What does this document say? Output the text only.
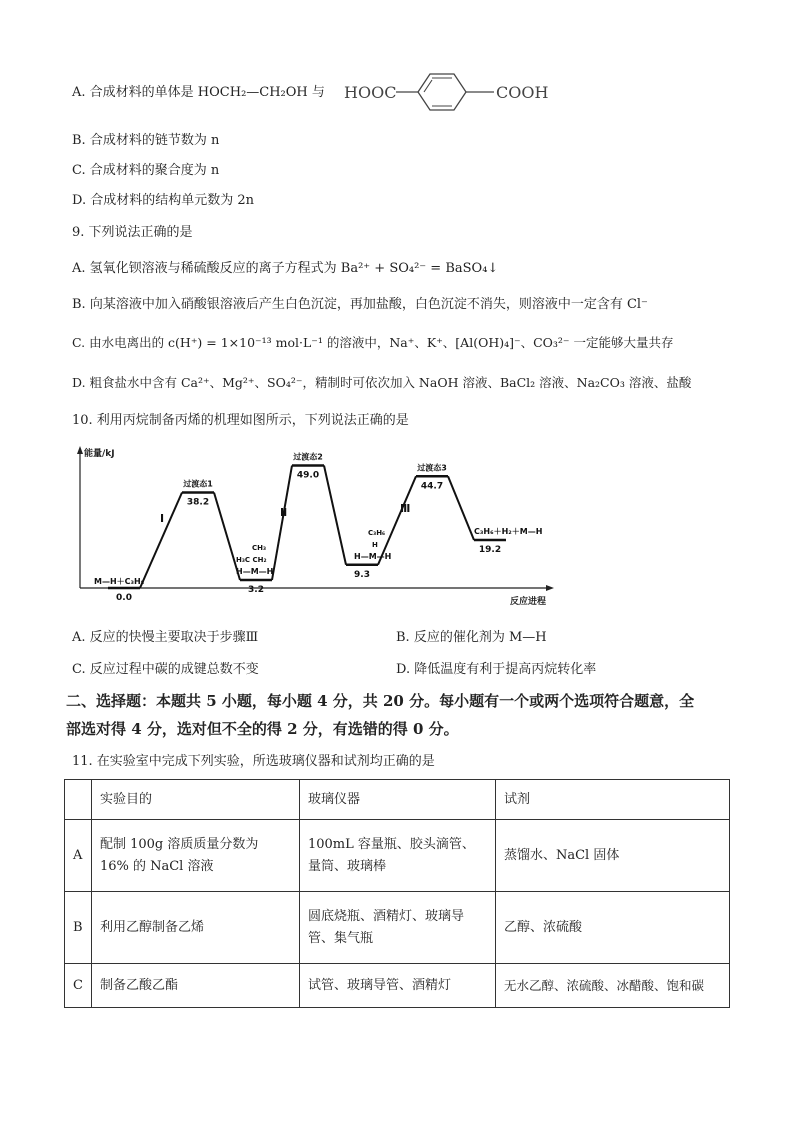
A. 合成材料的单体是 HOCH₂—CH₂OH 与 HOOC	COOH
B. 合成材料的链节数为 n
C. 合成材料的聚合度为 n
D. 合成材料的结构单元数为 2n
9. 下列说法正确的是
A. 氢氧化钡溶液与稀硫酸反应的离子方程式为 Ba²⁺ + SO₄²⁻ = BaSO₄↓
B. 向某溶液中加入硝酸银溶液后产生白色沉淀，再加盐酸，白色沉淀不消失，则溶液中一定含有 Cl⁻
C. 由水电离出的 c(H⁺) = 1×10⁻¹³ mol·L⁻¹ 的溶液中，Na⁺、K⁺、[Al(OH)₄]⁻、CO₃²⁻ 一定能够大量共存
D. 粗食盐水中含有 Ca²⁺、Mg²⁺、SO₄²⁻，精制时可依次加入 NaOH 溶液、BaCl₂ 溶液、Na₂CO₃ 溶液、盐酸
10. 利用丙烷制备丙烯的机理如图所示，下列说法正确的是
能量/kJ
反应进程
0.0
38.2
3.2
49.0
9.3
44.7
19.2
过渡态1
过渡态2
过渡态3
Ⅰ	Ⅱ	Ⅲ
M—H＋C₃H₈
CH₃
H₃C CH₂
H—M—H
C₃H₆
H
H—M—H
C₃H₆＋H₂＋M—H
A. 反应的快慢主要取决于步骤Ⅲ	B. 反应的催化剂为 M—H
C. 反应过程中碳的成键总数不变	D. 降低温度有利于提高丙烷转化率
二、选择题：本题共 5 小题，每小题 4 分，共 20 分。每小题有一个或两个选项符合题意，全
部选对得 4 分，选对但不全的得 2 分，有选错的得 0 分。
11. 在实验室中完成下列实验，所选玻璃仪器和试剂均正确的是
	实验目的	玻璃仪器	试剂
A	配制 100g 溶质质量分数为 16% 的 NaCl 溶液	100mL 容量瓶、胶头滴管、量筒、玻璃棒	蒸馏水、NaCl 固体
B	利用乙醇制备乙烯	圆底烧瓶、酒精灯、玻璃导管、集气瓶	乙醇、浓硫酸
C	制备乙酸乙酯	试管、玻璃导管、酒精灯	无水乙醇、浓硫酸、冰醋酸、饱和碳
